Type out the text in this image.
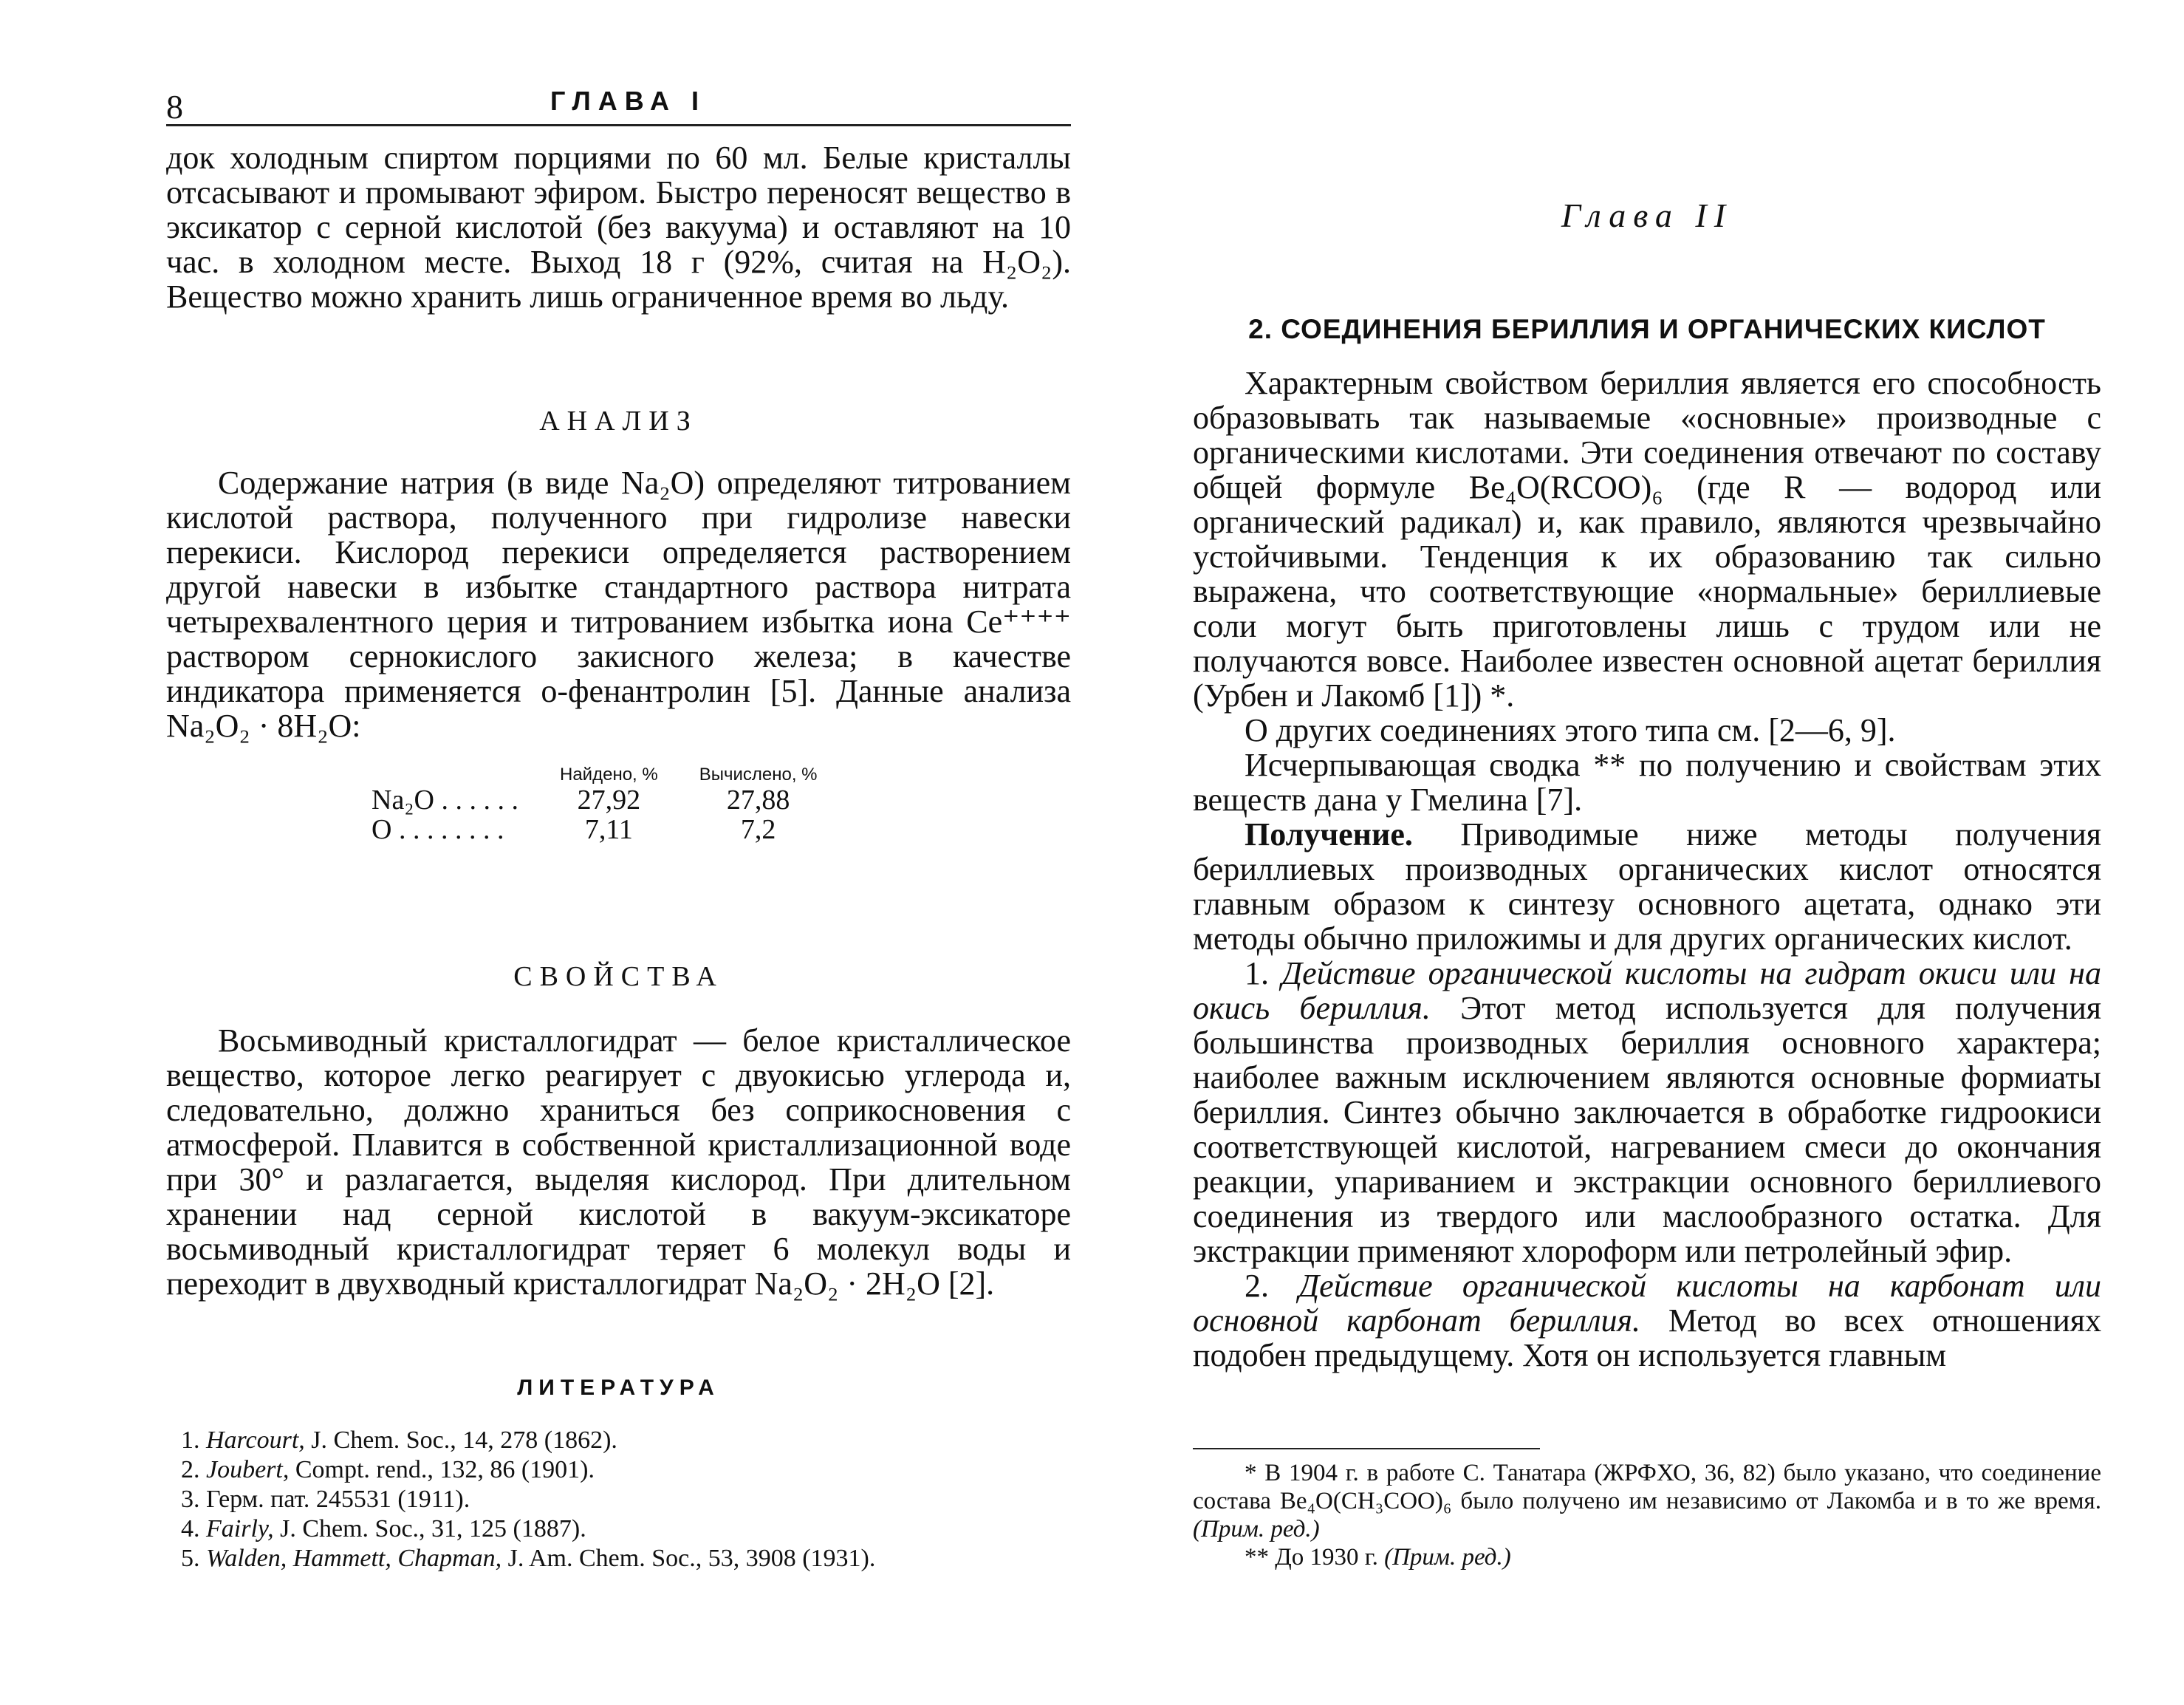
8	ГЛАВА I

док холодным спиртом порциями по 60 мл. Белые кристаллы отсасывают и промывают эфиром. Быстро переносят вещество в эксикатор с серной кислотой (без вакуума) и оставляют на 10 час. в холодном месте. Выход 18 г (92%, считая на H₂O₂). Вещество можно хранить лишь ограниченное время во льду.

АНАЛИЗ

Содержание натрия (в виде Na₂O) определяют титрованием кислотой раствора, полученного при гидролизе навески перекиси. Кислород перекиси определяется растворением другой навески в избытке стандартного раствора нитрата четырехвалентного церия и титрованием избытка иона Ce⁺⁺⁺⁺ раствором сернокислого закисного железа; в качестве индикатора применяется о-фенантролин [5]. Данные анализа Na₂O₂ · 8H₂O:

	Найдено, %	Вычислено, %
Na₂O . . . . . .	27,92	27,88
O . . . . . . . .	7,11	7,2
СВОЙСТВА

Восьмиводный кристаллогидрат — белое кристаллическое вещество, которое легко реагирует с двуокисью углерода и, следовательно, должно храниться без соприкосновения с атмосферой. Плавится в собственной кристаллизационной воде при 30° и разлагается, выделяя кислород. При длительном хранении над серной кислотой в вакуум-эксикаторе восьмиводный кристаллогидрат теряет 6 молекул воды и переходит в двухводный кристаллогидрат Na₂O₂ · 2H₂O [2].

ЛИТЕРАТУРА
1. Harcourt, J. Chem. Soc., 14, 278 (1862).
2. Joubert, Compt. rend., 132, 86 (1901).
3. Герм. пат. 245531 (1911).
4. Fairly, J. Chem. Soc., 31, 125 (1887).
5. Walden, Hammett, Chapman, J. Am. Chem. Soc., 53, 3908 (1931).
Глава II
2. СОЕДИНЕНИЯ БЕРИЛЛИЯ И ОРГАНИЧЕСКИХ КИСЛОТ

Характерным свойством бериллия является его способность образовывать так называемые «основные» производные с органическими кислотами. Эти соединения отвечают по составу общей формуле Be₄O(RCOO)₆ (где R — водород или органический радикал) и, как правило, являются чрезвычайно устойчивыми. Тенденция к их образованию так сильно выражена, что соответствующие «нормальные» бериллиевые соли могут быть приготовлены лишь с трудом или не получаются вовсе. Наиболее известен основной ацетат бериллия (Урбен и Лакомб [1]) *.

О других соединениях этого типа см. [2—6, 9].

Исчерпывающая сводка ** по получению и свойствам этих веществ дана у Гмелина [7].

Получение. Приводимые ниже методы получения бериллиевых производных органических кислот относятся главным образом к синтезу основного ацетата, однако эти методы обычно приложимы и для других органических кислот.

1. Действие органической кислоты на гидрат окиси или на окись бериллия. Этот метод используется для получения большинства производных бериллия основного характера; наиболее важным исключением являются основные формиаты бериллия. Синтез обычно заключается в обработке гидроокиси соответствующей кислотой, нагреванием смеси до окончания реакции, упариванием и экстракции основного бериллиевого соединения из твердого или маслообразного остатка. Для экстракции применяют хлороформ или петролейный эфир.

2. Действие органической кислоты на карбонат или основной карбонат бериллия. Метод во всех отношениях подобен предыдущему. Хотя он используется главным

* В 1904 г. в работе С. Танатара (ЖРФХО, 36, 82) было указано, что соединение состава Be₄O(CH₃COO)₆ было получено им независимо от Лакомба и в то же время. (Прим. ред.)

** До 1930 г. (Прим. ред.)
